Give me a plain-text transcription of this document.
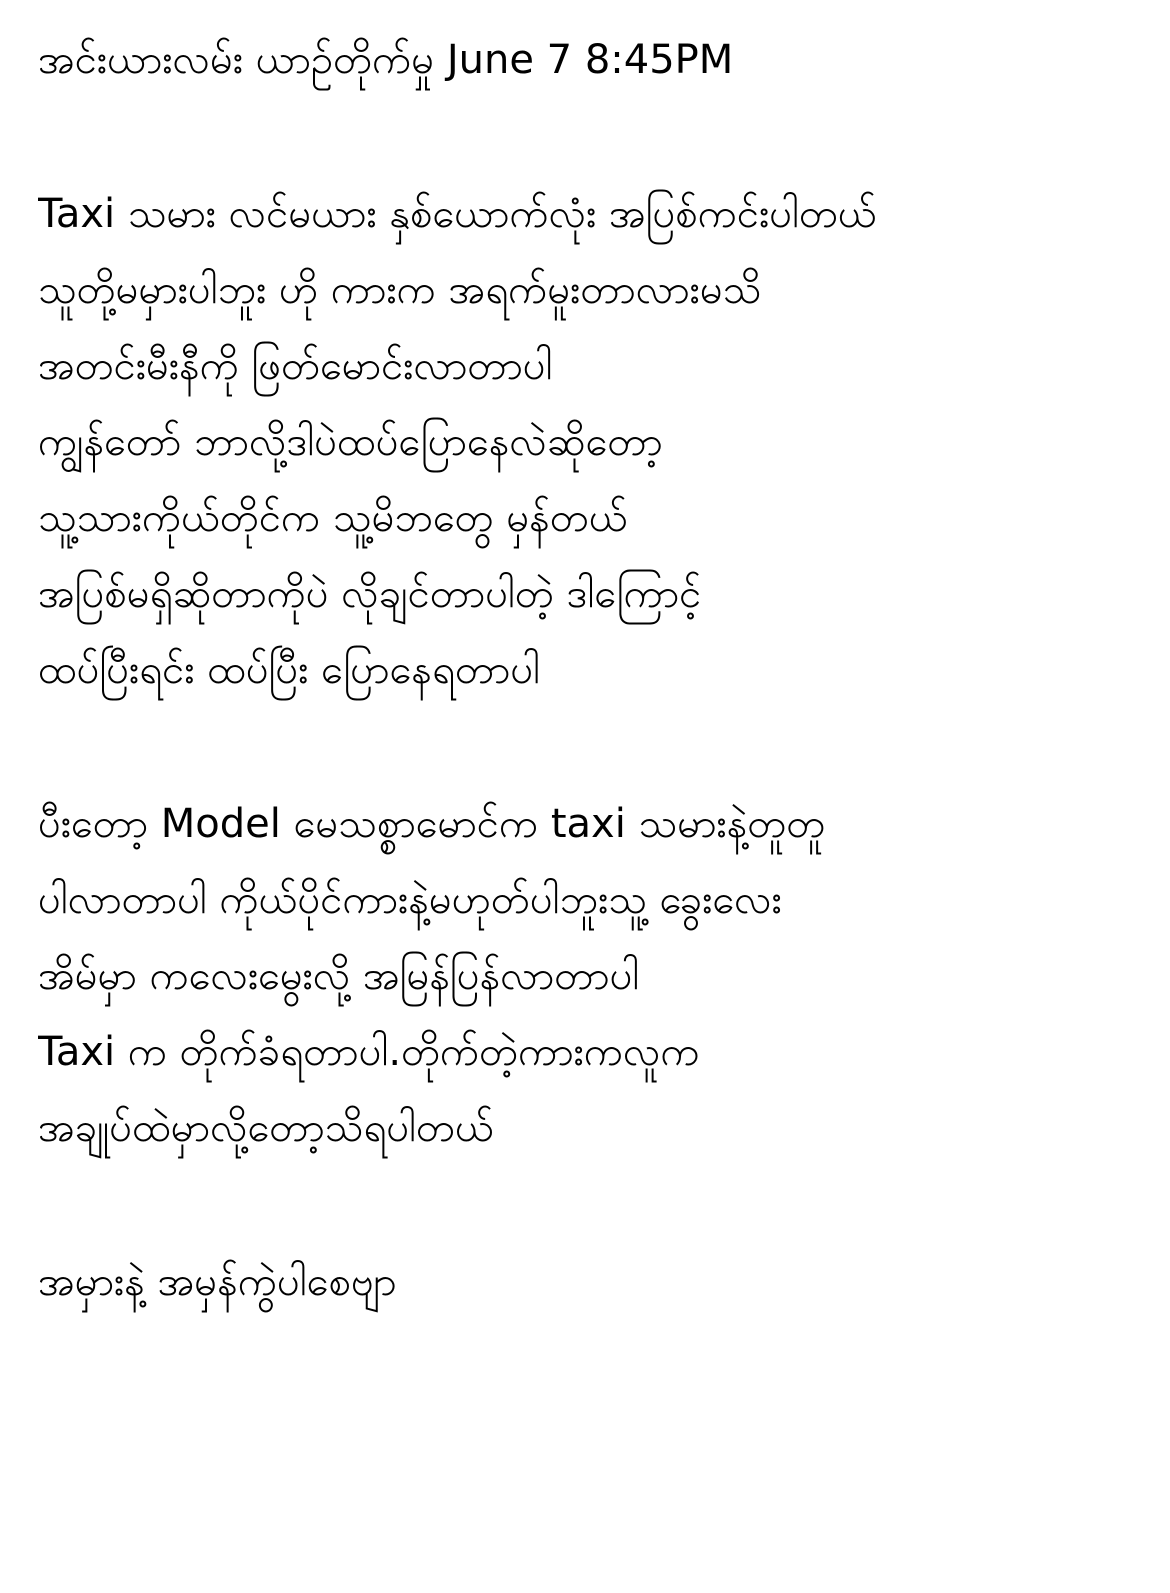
အင်းယားလမ်း ယာဉ်တိုက်မှု June 7 8:45PM
Taxi သမား လင်မယား နှစ်ယောက်လုံး အပြစ်ကင်းပါတယ်
သူတို့မမှားပါဘူး ဟို ကားက အရက်မူးတာလားမသိ
အတင်းမီးနီကို ဖြတ်မောင်းလာတာပါ
ကျွန်တော် ဘာလို့ဒါပဲထပ်ပြောနေလဲဆိုတော့
သူ့သားကိုယ်တိုင်က သူ့မိဘတွေ မှန်တယ်
အပြစ်မရှိဆိုတာကိုပဲ လိုချင်တာပါတဲ့ ဒါကြောင့်
ထပ်ပြီးရင်း ထပ်ပြီး ပြောနေရတာပါ
ပီးတော့ Model မေသစ္စာမောင်က taxi သမားနဲ့တူတူ
ပါလာတာပါ ကိုယ်ပိုင်ကားနဲ့မဟုတ်ပါဘူးသူ့ ခွေးလေး
အိမ်မှာ ကလေးမွေးလို့ အမြန်ပြန်လာတာပါ
Taxi က တိုက်ခံရတာပါ.တိုက်တဲ့ကားကလူက
အချုပ်ထဲမှာလို့တော့သိရပါတယ်
အမှားနဲ့ အမှန်ကွဲပါစေဗျာ
